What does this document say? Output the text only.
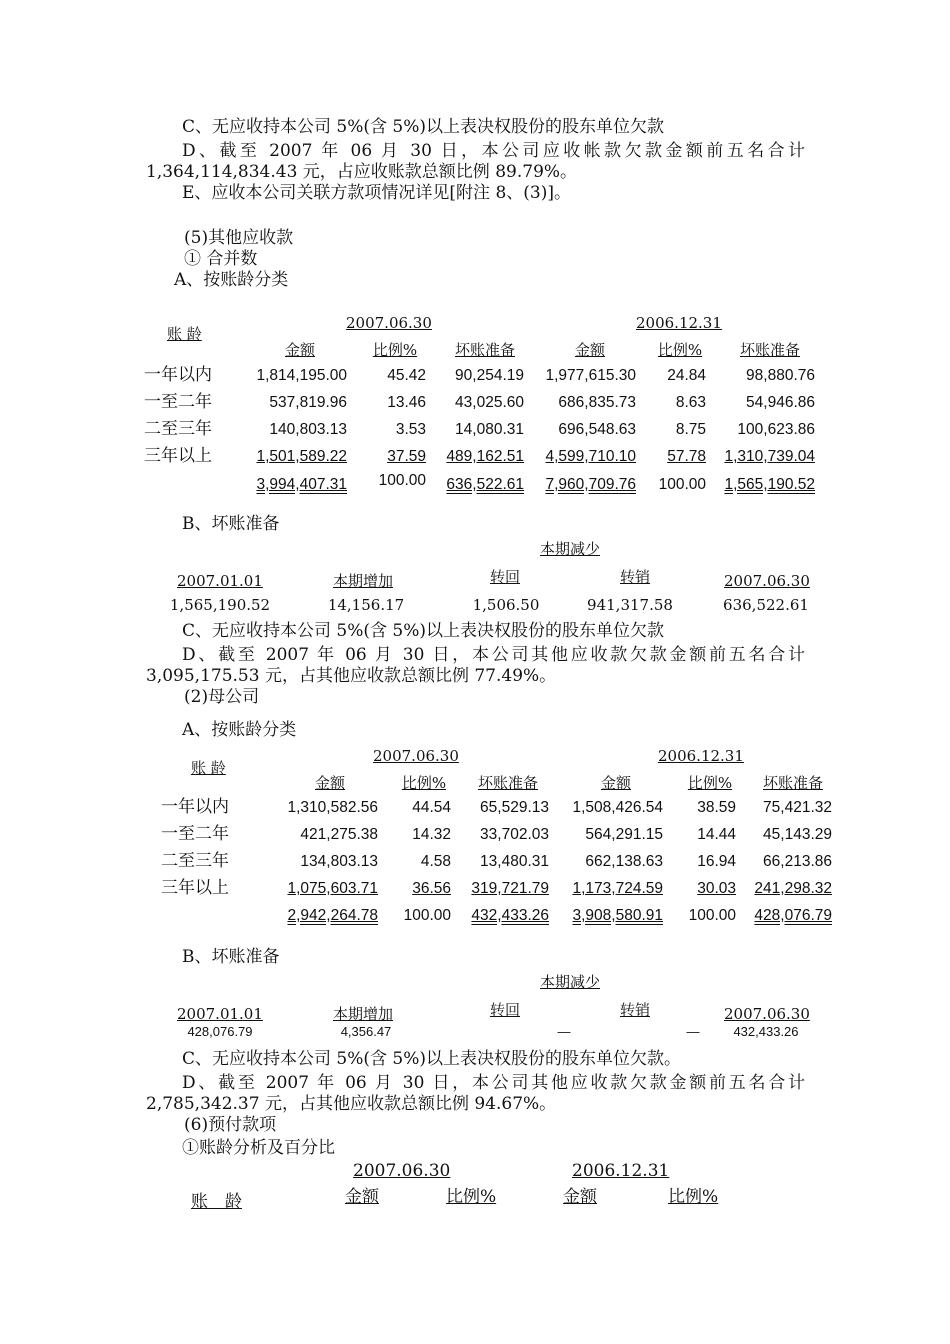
C、无应收持本公司 5%(含 5%)以上表决权股份的股东单位欠款
D、截至 2007 年 06 月 30 日，本公司应收帐款欠款金额前五名合计
1,364,114,834.43 元，占应收账款总额比例 89.79%。
E、应收本公司关联方款项情况详见[附注 8、(3)]。
(5)其他应收款
① 合并数
A、按账龄分类
账 龄
2007.06.30	2006.12.31
金额	比例%	坏账准备	金额	比例%	坏账准备
一年以内	1,814,195.00	45.42	90,254.19	1,977,615.30	24.84	98,880.76
一至二年	537,819.96	13.46	43,025.60	686,835.73	8.63	54,946.86
二至三年	140,803.13	3.53	14,080.31	696,548.63	8.75	100,623.86
三年以上	1,501,589.22	37.59	489,162.51	4,599,710.10	57.78	1,310,739.04
3,994,407.31	100.00	636,522.61	7,960,709.76	100.00	1,565,190.52
B、坏账准备
本期减少
2007.01.01	本期增加	转回	转销	2007.06.30
1,565,190.52	14,156.17	1,506.50	941,317.58	636,522.61
C、无应收持本公司 5%(含 5%)以上表决权股份的股东单位欠款
D、截至 2007 年 06 月 30 日，本公司其他应收款欠款金额前五名合计
3,095,175.53 元，占其他应收款总额比例 77.49%。
(2)母公司
A、按账龄分类
账 龄
2007.06.30	2006.12.31
金额	比例%	坏账准备	金额	比例%	坏账准备
一年以内	1,310,582.56	44.54	65,529.13	1,508,426.54	38.59	75,421.32
一至二年	421,275.38	14.32	33,702.03	564,291.15	14.44	45,143.29
二至三年	134,803.13	4.58	13,480.31	662,138.63	16.94	66,213.86
三年以上	1,075,603.71	36.56	319,721.79	1,173,724.59	30.03	241,298.32
2,942,264.78	100.00	432,433.26	3,908,580.91	100.00	428,076.79
B、坏账准备
本期减少
2007.01.01	本期增加	转回	转销	2007.06.30
428,076.79	4,356.47	—	—	432,433.26
C、无应收持本公司 5%(含 5%)以上表决权股份的股东单位欠款。
D、截至 2007 年 06 月 30 日，本公司其他应收款欠款金额前五名合计
2,785,342.37 元，占其他应收款总额比例 94.67%。
(6)预付款项
①账龄分析及百分比
2007.06.30	2006.12.31
账　龄	金额	比例%	金额	比例%
